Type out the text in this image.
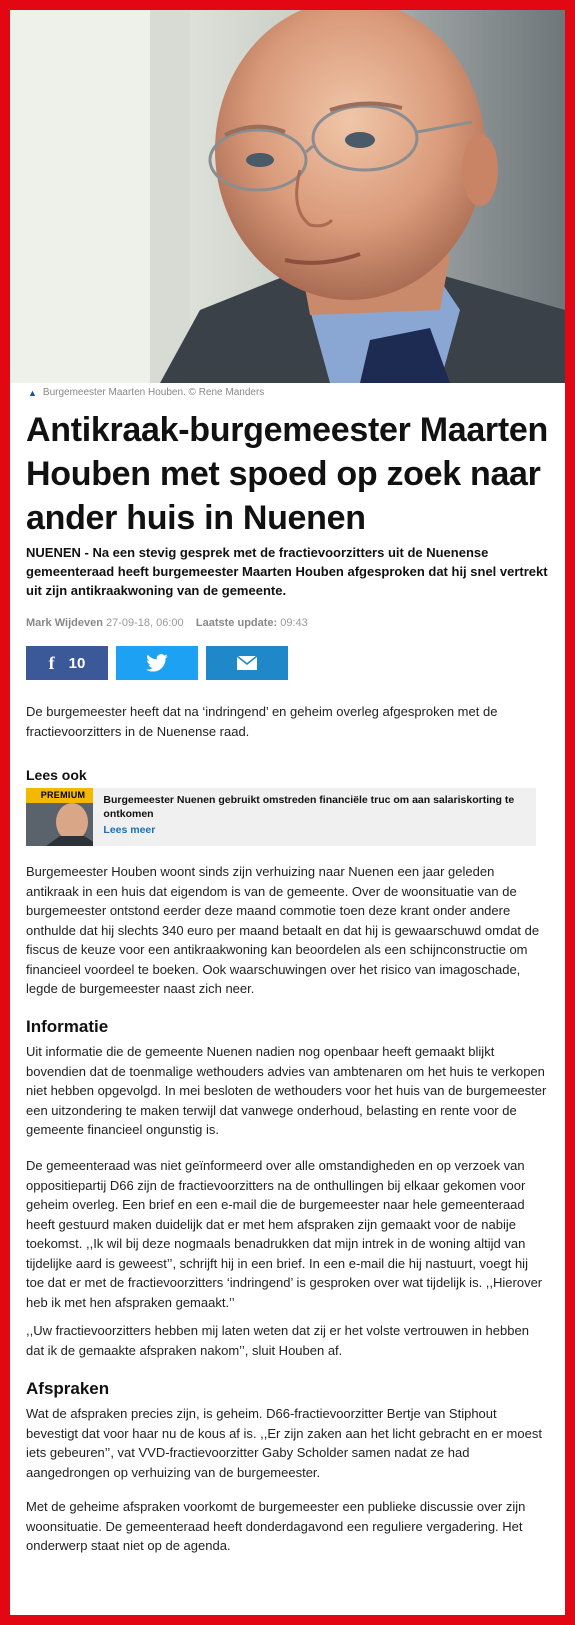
▲ Burgemeester Maarten Houben. © Rene Manders
Antikraak-burgemeester Maarten Houben met spoed op zoek naar ander huis in Nuenen
NUENEN - Na een stevig gesprek met de fractievoorzitters uit de Nuenense gemeenteraad heeft burgemeester Maarten Houben afgesproken dat hij snel vertrekt uit zijn antikraakwoning van de gemeente.
Mark Wijdeven 27-09-18, 06:00 Laatste update: 09:43
f 10

De burgemeester heeft dat na ‘indringend’ en geheim overleg afgesproken met de fractievoorzitters in de Nuenense raad.

Lees ook
PREMIUM	Burgemeester Nuenen gebruikt omstreden financiële truc om aan salariskorting te ontkomen
Lees meer

Burgemeester Houben woont sinds zijn verhuizing naar Nuenen een jaar geleden antikraak in een huis dat eigendom is van de gemeente. Over de woonsituatie van de burgemeester ontstond eerder deze maand commotie toen deze krant onder andere onthulde dat hij slechts 340 euro per maand betaalt en dat hij is gewaarschuwd omdat de fiscus de keuze voor een antikraakwoning kan beoordelen als een schijnconstructie om financieel voordeel te boeken. Ook waarschuwingen over het risico van imagoschade, legde de burgemeester naast zich neer.

Informatie

Uit informatie die de gemeente Nuenen nadien nog openbaar heeft gemaakt blijkt bovendien dat de toenmalige wethouders advies van ambtenaren om het huis te verkopen niet hebben opgevolgd. In mei besloten de wethouders voor het huis van de burgemeester een uitzondering te maken terwijl dat vanwege onderhoud, belasting en rente voor de gemeente financieel ongunstig is.

De gemeenteraad was niet geïnformeerd over alle omstandigheden en op verzoek van oppositiepartij D66 zijn de fractievoorzitters na de onthullingen bij elkaar gekomen voor geheim overleg. Een brief en een e-mail die de burgemeester naar hele gemeenteraad heeft gestuurd maken duidelijk dat er met hem afspraken zijn gemaakt voor de nabije toekomst. ,,Ik wil bij deze nogmaals benadrukken dat mijn intrek in de woning altijd van tijdelijke aard is geweest’’, schrijft hij in een brief. In een e-mail die hij nastuurt, voegt hij toe dat er met de fractievoorzitters ‘indringend’ is gesproken over wat tijdelijk is. ,,Hierover heb ik met hen afspraken gemaakt.’’

,,Uw fractievoorzitters hebben mij laten weten dat zij er het volste vertrouwen in hebben dat ik de gemaakte afspraken nakom’’, sluit Houben af.

Afspraken

Wat de afspraken precies zijn, is geheim. D66-fractievoorzitter Bertje van Stiphout bevestigt dat voor haar nu de kous af is. ,,Er zijn zaken aan het licht gebracht en er moest iets gebeuren’’, vat VVD-fractievoorzitter Gaby Scholder samen nadat ze had aangedrongen op verhuizing van de burgemeester.

Met de geheime afspraken voorkomt de burgemeester een publieke discussie over zijn woonsituatie. De gemeenteraad heeft donderdagavond een reguliere vergadering. Het onderwerp staat niet op de agenda.
